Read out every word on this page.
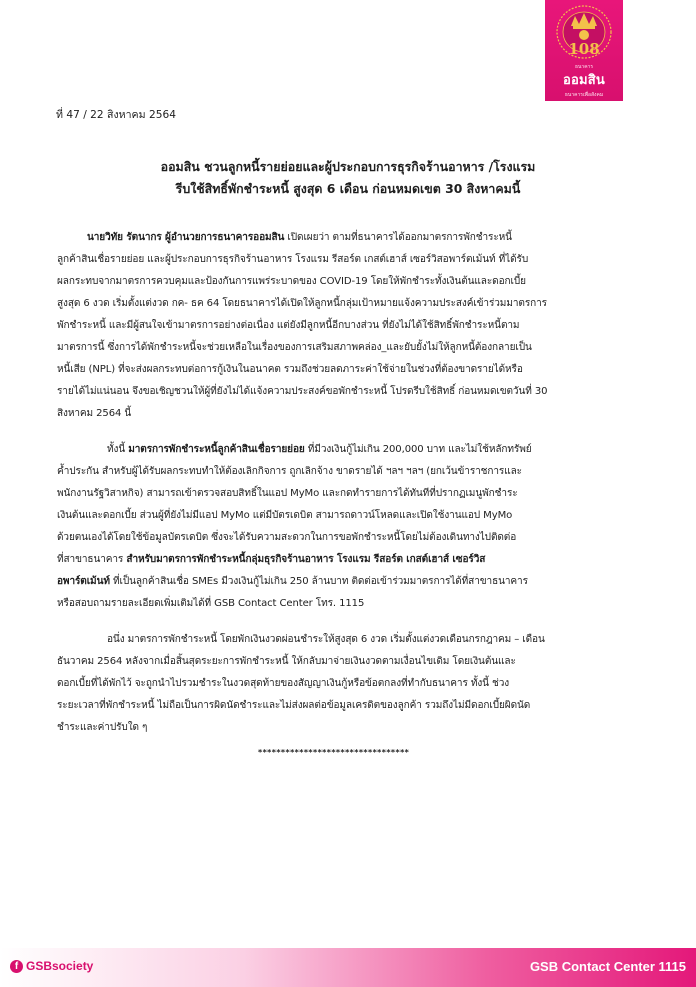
108
ธนาคาร
ออมสิน
ธนาคารเพื่อสังคม
ที่ 47 / 22 สิงหาคม 2564
ออมสิน ชวนลูกหนี้รายย่อยและผู้ประกอบการธุรกิจร้านอาหาร /โรงแรม
รีบใช้สิทธิ์พักชำระหนี้ สูงสุด 6 เดือน ก่อนหมดเขต 30 สิงหาคมนี้
นายวิทัย รัตนากร ผู้อำนวยการธนาคารออมสิน เปิดเผยว่า ตามที่ธนาคารได้ออกมาตรการพักชำระหนี้
ลูกค้าสินเชื่อรายย่อย และผู้ประกอบการธุรกิจร้านอาหาร โรงแรม รีสอร์ต เกสต์เฮาส์ เซอร์วิสอพาร์ตเม้นท์ ที่ได้รับ
ผลกระทบจากมาตรการควบคุมและป้องกันการแพร่ระบาดของ COVID-19 โดยให้พักชำระทั้งเงินต้นและดอกเบี้ย
สูงสุด 6 งวด เริ่มตั้งแต่งวด กค- ธค 64 โดยธนาคารได้เปิดให้ลูกหนี้กลุ่มเป้าหมายแจ้งความประสงค์เข้าร่วมมาตรการ
พักชำระหนี้ และมีผู้สนใจเข้ามาตรการอย่างต่อเนื่อง แต่ยังมีลูกหนี้อีกบางส่วน ที่ยังไม่ได้ใช้สิทธิ์พักชำระหนี้ตาม
มาตรการนี้ ซึ่งการได้พักชำระหนี้จะช่วยเหลือในเรื่องของการเสริมสภาพคล่อง_และยับยั้งไม่ให้ลูกหนี้ต้องกลายเป็น
หนี้เสีย (NPL) ที่จะส่งผลกระทบต่อการกู้เงินในอนาคต รวมถึงช่วยลดภาระค่าใช้จ่ายในช่วงที่ต้องขาดรายได้หรือ
รายได้ไม่แน่นอน จึงขอเชิญชวนให้ผู้ที่ยังไม่ได้แจ้งความประสงค์ขอพักชำระหนี้ โปรดรีบใช้สิทธิ์ ก่อนหมดเขตวันที่ 30
สิงหาคม 2564 นี้
ทั้งนี้ มาตรการพักชำระหนี้ลูกค้าสินเชื่อรายย่อย ที่มีวงเงินกู้ไม่เกิน 200,000 บาท และไม่ใช้หลักทรัพย์
ค้ำประกัน สำหรับผู้ได้รับผลกระทบทำให้ต้องเลิกกิจการ ถูกเลิกจ้าง ขาดรายได้ ฯลฯ ฯลฯ (ยกเว้นข้าราชการและ
พนักงานรัฐวิสาหกิจ) สามารถเข้าตรวจสอบสิทธิ์ในแอป MyMo และกดทำรายการได้ทันทีที่ปรากฏเมนูพักชำระ
เงินต้นและดอกเบี้ย ส่วนผู้ที่ยังไม่มีแอป MyMo แต่มีบัตรเดบิต สามารถดาวน์โหลดและเปิดใช้งานแอป MyMo
ด้วยตนเองได้โดยใช้ข้อมูลบัตรเดบิต ซึ่งจะได้รับความสะดวกในการขอพักชำระหนี้โดยไม่ต้องเดินทางไปติดต่อ
ที่สาขาธนาคาร สำหรับมาตรการพักชำระหนี้กลุ่มธุรกิจร้านอาหาร โรงแรม รีสอร์ต เกสต์เฮาส์ เซอร์วิส
อพาร์ตเม้นท์ ที่เป็นลูกค้าสินเชื่อ SMEs มีวงเงินกู้ไม่เกิน 250 ล้านบาท ติดต่อเข้าร่วมมาตรการได้ที่สาขาธนาคาร
หรือสอบถามรายละเอียดเพิ่มเติมได้ที่ GSB Contact Center โทร. 1115
อนึ่ง มาตรการพักชำระหนี้ โดยพักเงินงวดผ่อนชำระให้สูงสุด 6 งวด เริ่มตั้งแต่งวดเดือนกรกฎาคม – เดือน
ธันวาคม 2564 หลังจากเมื่อสิ้นสุดระยะการพักชำระหนี้ ให้กลับมาจ่ายเงินงวดตามเงื่อนไขเดิม โดยเงินต้นและ
ดอกเบี้ยที่ได้พักไว้ จะถูกนำไปรวมชำระในงวดสุดท้ายของสัญญาเงินกู้หรือข้อตกลงที่ทำกับธนาคาร ทั้งนี้ ช่วง
ระยะเวลาที่พักชำระหนี้ ไม่ถือเป็นการผิดนัดชำระและไม่ส่งผลต่อข้อมูลเครดิตของลูกค้า รวมถึงไม่มีดอกเบี้ยผิดนัด
ชำระและค่าปรับใด ๆ
*********************************
f GSBsociety	GSB Contact Center 1115
